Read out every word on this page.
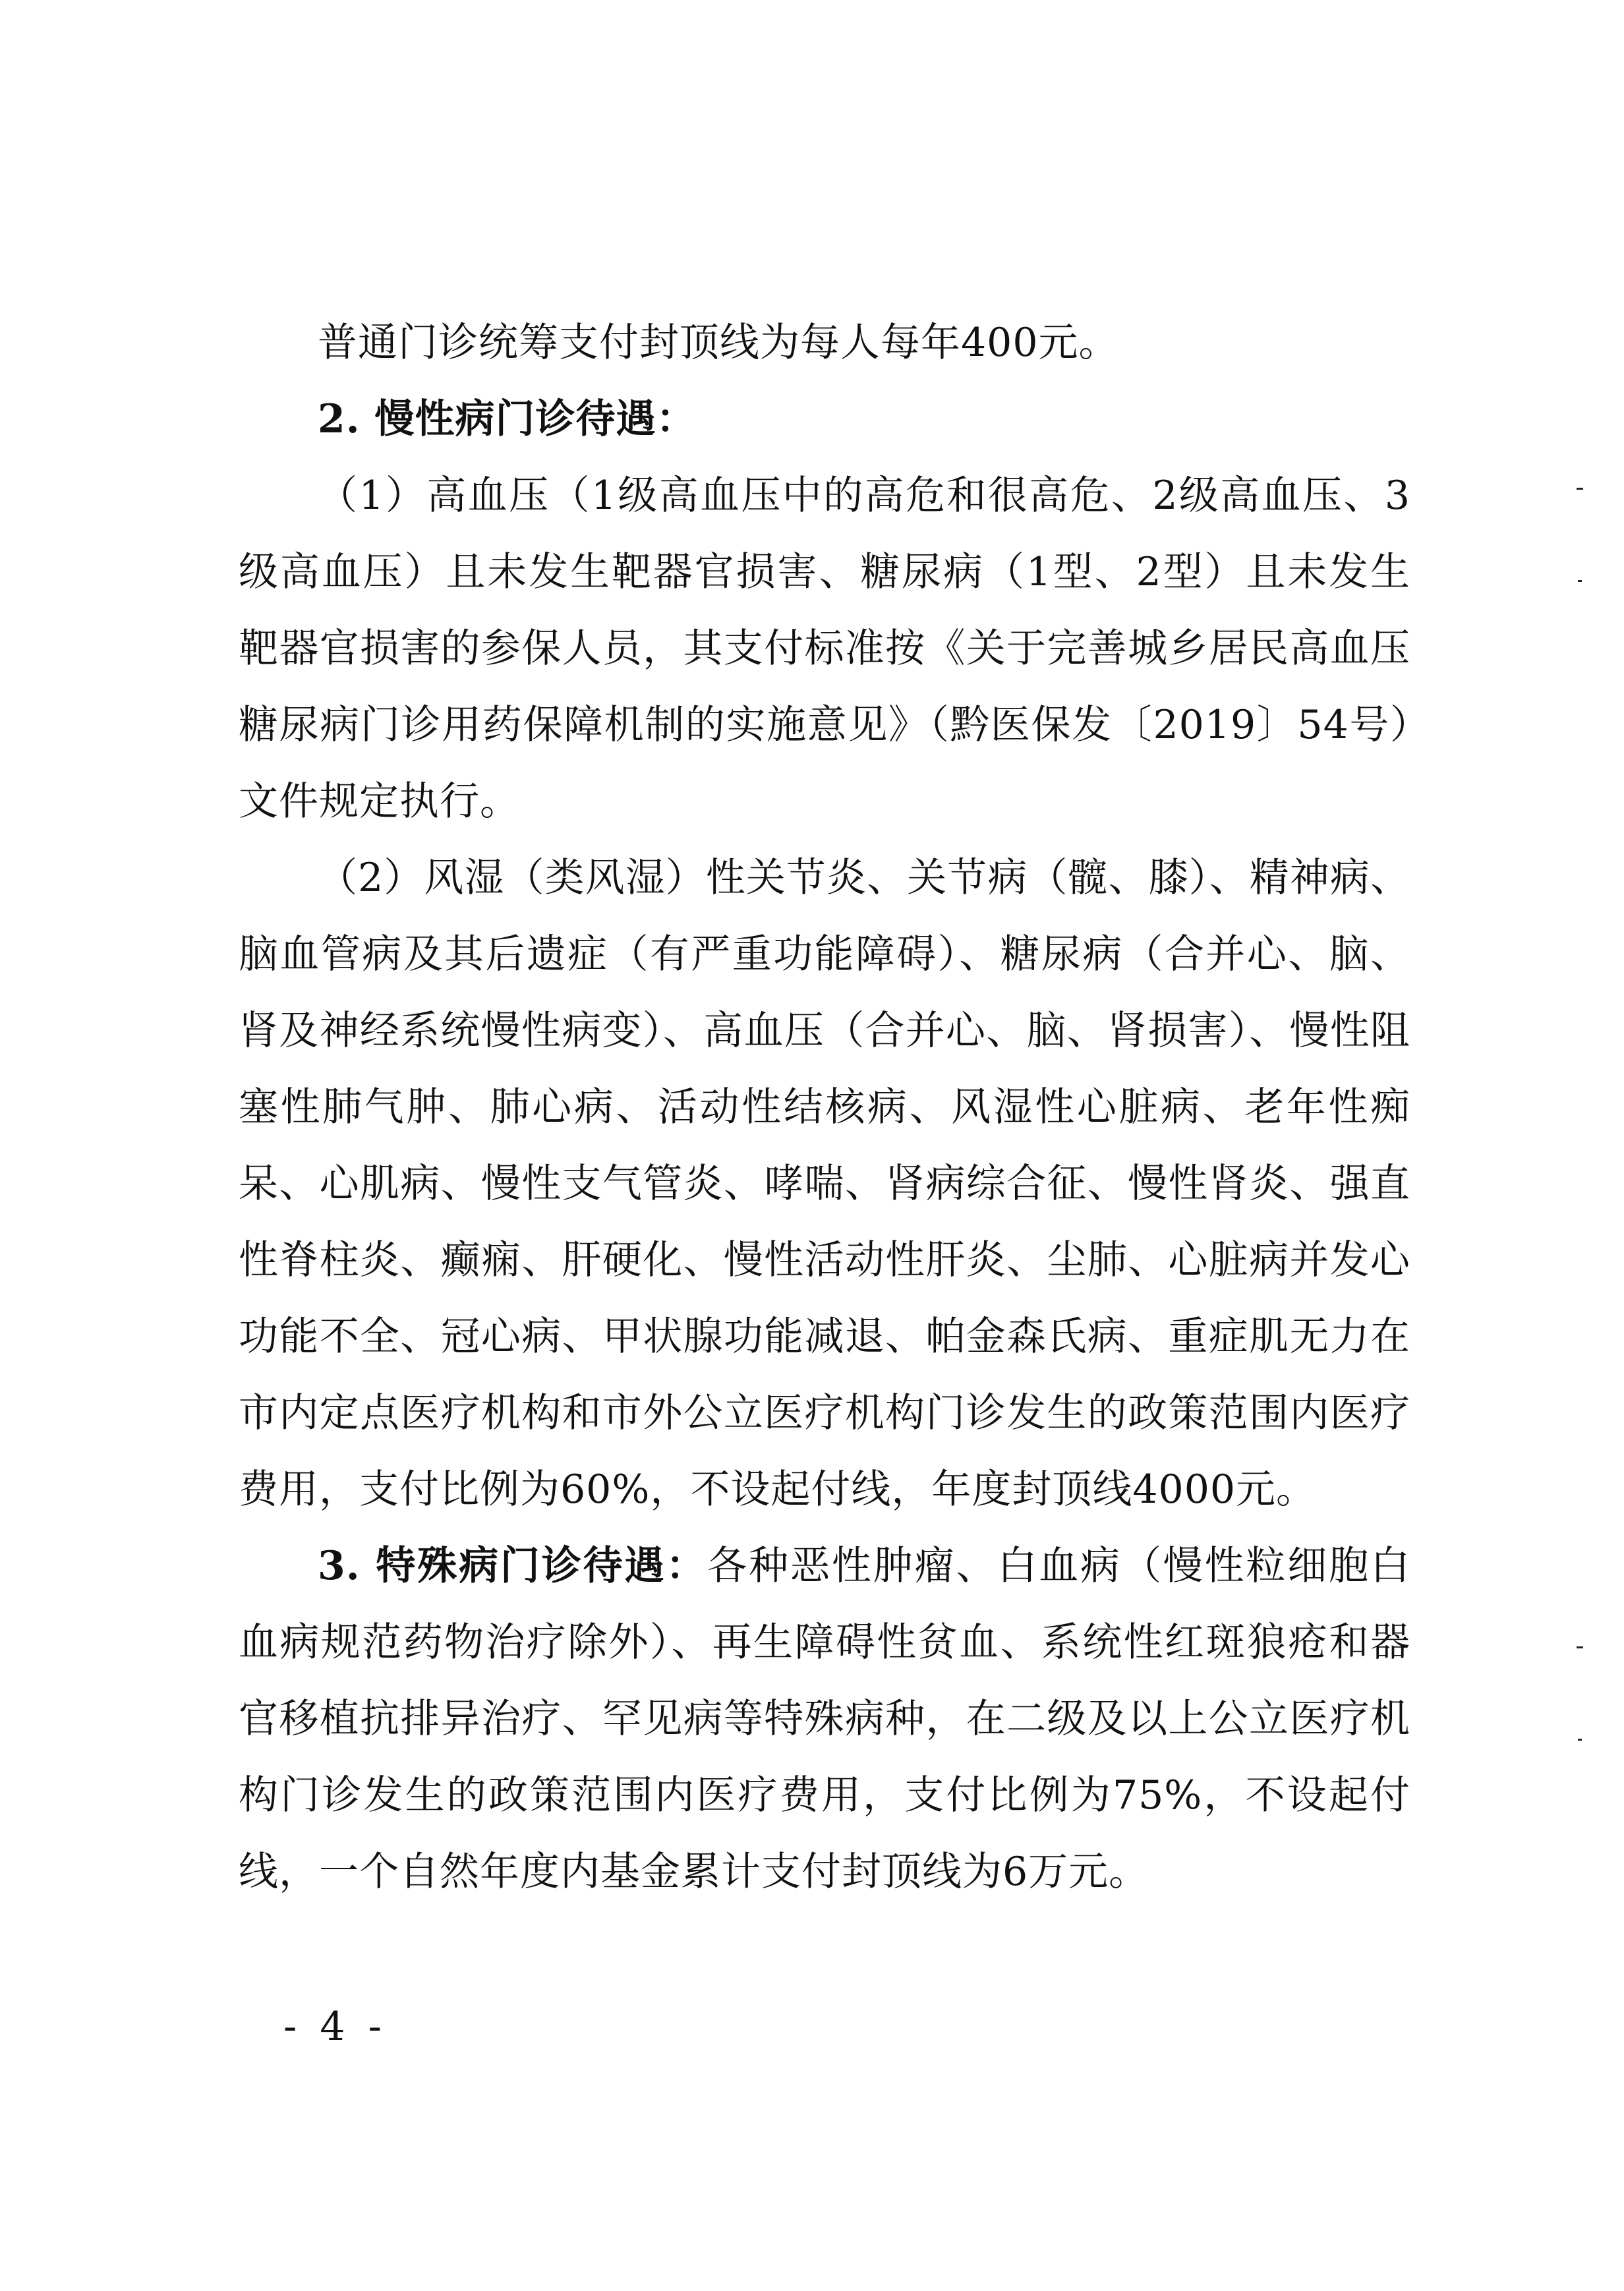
普通门诊统筹支付封顶线为每人每年400元。

2. 慢性病门诊待遇：

（1）高血压（1级高血压中的高危和很高危、2级高血压、3级高血压）且未发生靶器官损害、糖尿病（1型、2型）且未发生靶器官损害的参保人员，其支付标准按《关于完善城乡居民高血压糖尿病门诊用药保障机制的实施意见》（黔医保发〔2019〕54号）文件规定执行。

（2）风湿（类风湿）性关节炎、关节病（髋、膝）、精神病、脑血管病及其后遗症（有严重功能障碍）、糖尿病（合并心、脑、肾及神经系统慢性病变）、高血压（合并心、脑、肾损害）、慢性阻塞性肺气肿、肺心病、活动性结核病、风湿性心脏病、老年性痴呆、心肌病、慢性支气管炎、哮喘、肾病综合征、慢性肾炎、强直性脊柱炎、癫痫、肝硬化、慢性活动性肝炎、尘肺、心脏病并发心功能不全、冠心病、甲状腺功能减退、帕金森氏病、重症肌无力在市内定点医疗机构和市外公立医疗机构门诊发生的政策范围内医疗费用，支付比例为60%，不设起付线，年度封顶线4000元。

3. 特殊病门诊待遇：各种恶性肿瘤、白血病（慢性粒细胞白血病规范药物治疗除外）、再生障碍性贫血、系统性红斑狼疮和器官移植抗排异治疗、罕见病等特殊病种，在二级及以上公立医疗机构门诊发生的政策范围内医疗费用，支付比例为75%，不设起付线，一个自然年度内基金累计支付封顶线为6万元。

- 4 -
